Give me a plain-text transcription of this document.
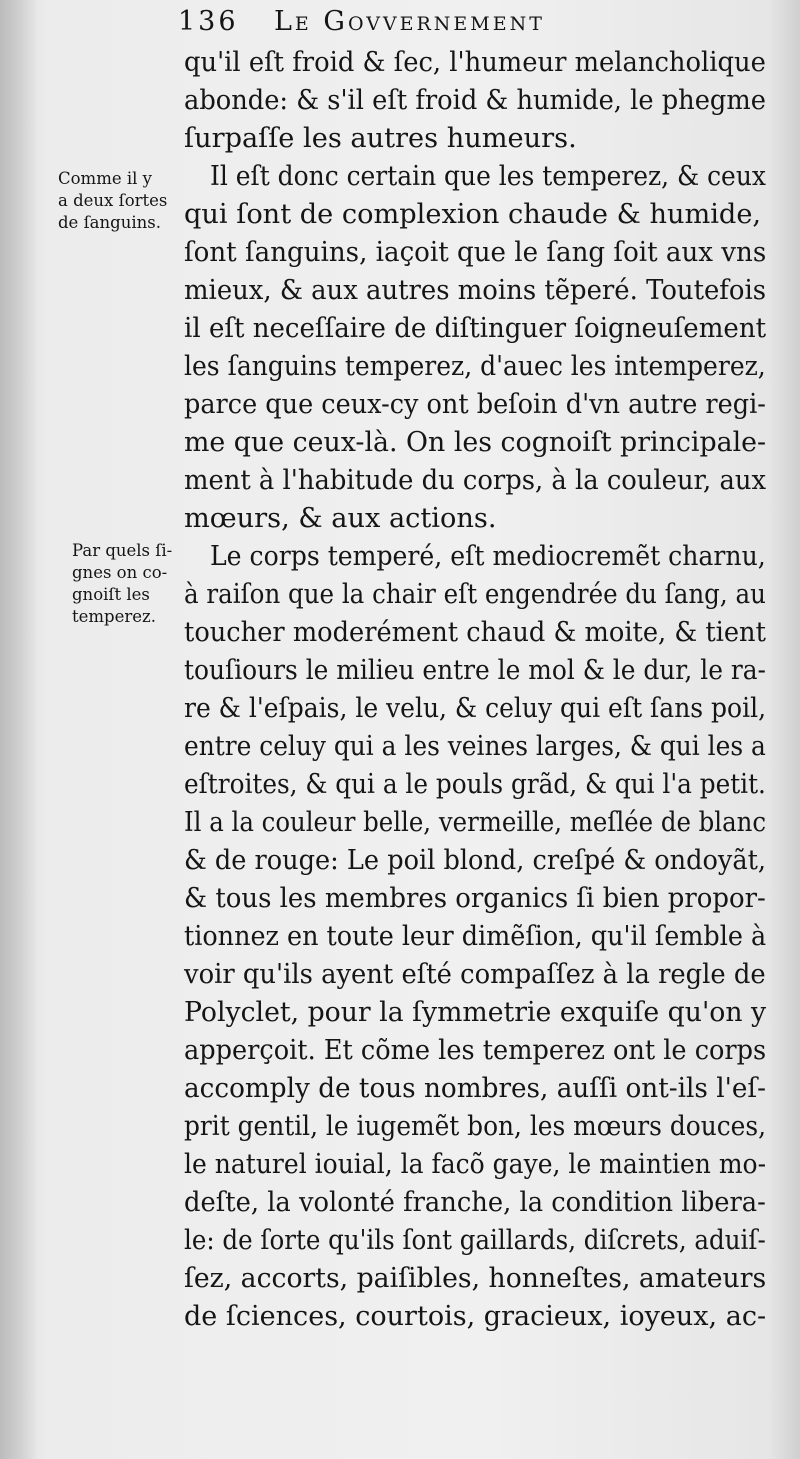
136 Le Govvernement
Comme il y
a deux ſortes
de ſanguins.
Par quels ſi-
gnes on co-
gnoiſt les
temperez.
qu'il eſt froid & ſec, l'humeur melancholique
abonde: & s'il eſt froid & humide, le phegme
ſurpaſſe les autres humeurs.
Il eſt donc certain que les temperez, & ceux
qui ſont de complexion chaude & humide,
ſont ſanguins, iaçoit que le ſang ſoit aux vns
mieux, & aux autres moins tẽperé. Toutefois
il eſt neceſſaire de diſtinguer ſoigneuſement
les ſanguins temperez, d'auec les intemperez,
parce que ceux-cy ont beſoin d'vn autre regi-
me que ceux-là. On les cognoiſt principale-
ment à l'habitude du corps, à la couleur, aux
mœurs, & aux actions.
Le corps temperé, eſt mediocremẽt charnu,
à raiſon que la chair eſt engendrée du ſang, au
toucher moderément chaud & moite, & tient
touſiours le milieu entre le mol & le dur, le ra-
re & l'eſpais, le velu, & celuy qui eſt ſans poil,
entre celuy qui a les veines larges, & qui les a
eſtroites, & qui a le pouls grãd, & qui l'a petit.
Il a la couleur belle, vermeille, meſlée de blanc
& de rouge: Le poil blond, creſpé & ondoyãt,
& tous les membres organics ſi bien propor-
tionnez en toute leur dimẽſion, qu'il ſemble à
voir qu'ils ayent eſté compaſſez à la regle de
Polyclet, pour la ſymmetrie exquiſe qu'on y
apperçoit. Et cõme les temperez ont le corps
accomply de tous nombres, auſſi ont-ils l'eſ-
prit gentil, le iugemẽt bon, les mœurs douces,
le naturel iouial, la facõ gaye, le maintien mo-
deſte, la volonté franche, la condition libera-
le: de ſorte qu'ils ſont gaillards, diſcrets, aduiſ-
ſez, accorts, paiſibles, honneſtes, amateurs
de ſciences, courtois, gracieux, ioyeux, ac-
